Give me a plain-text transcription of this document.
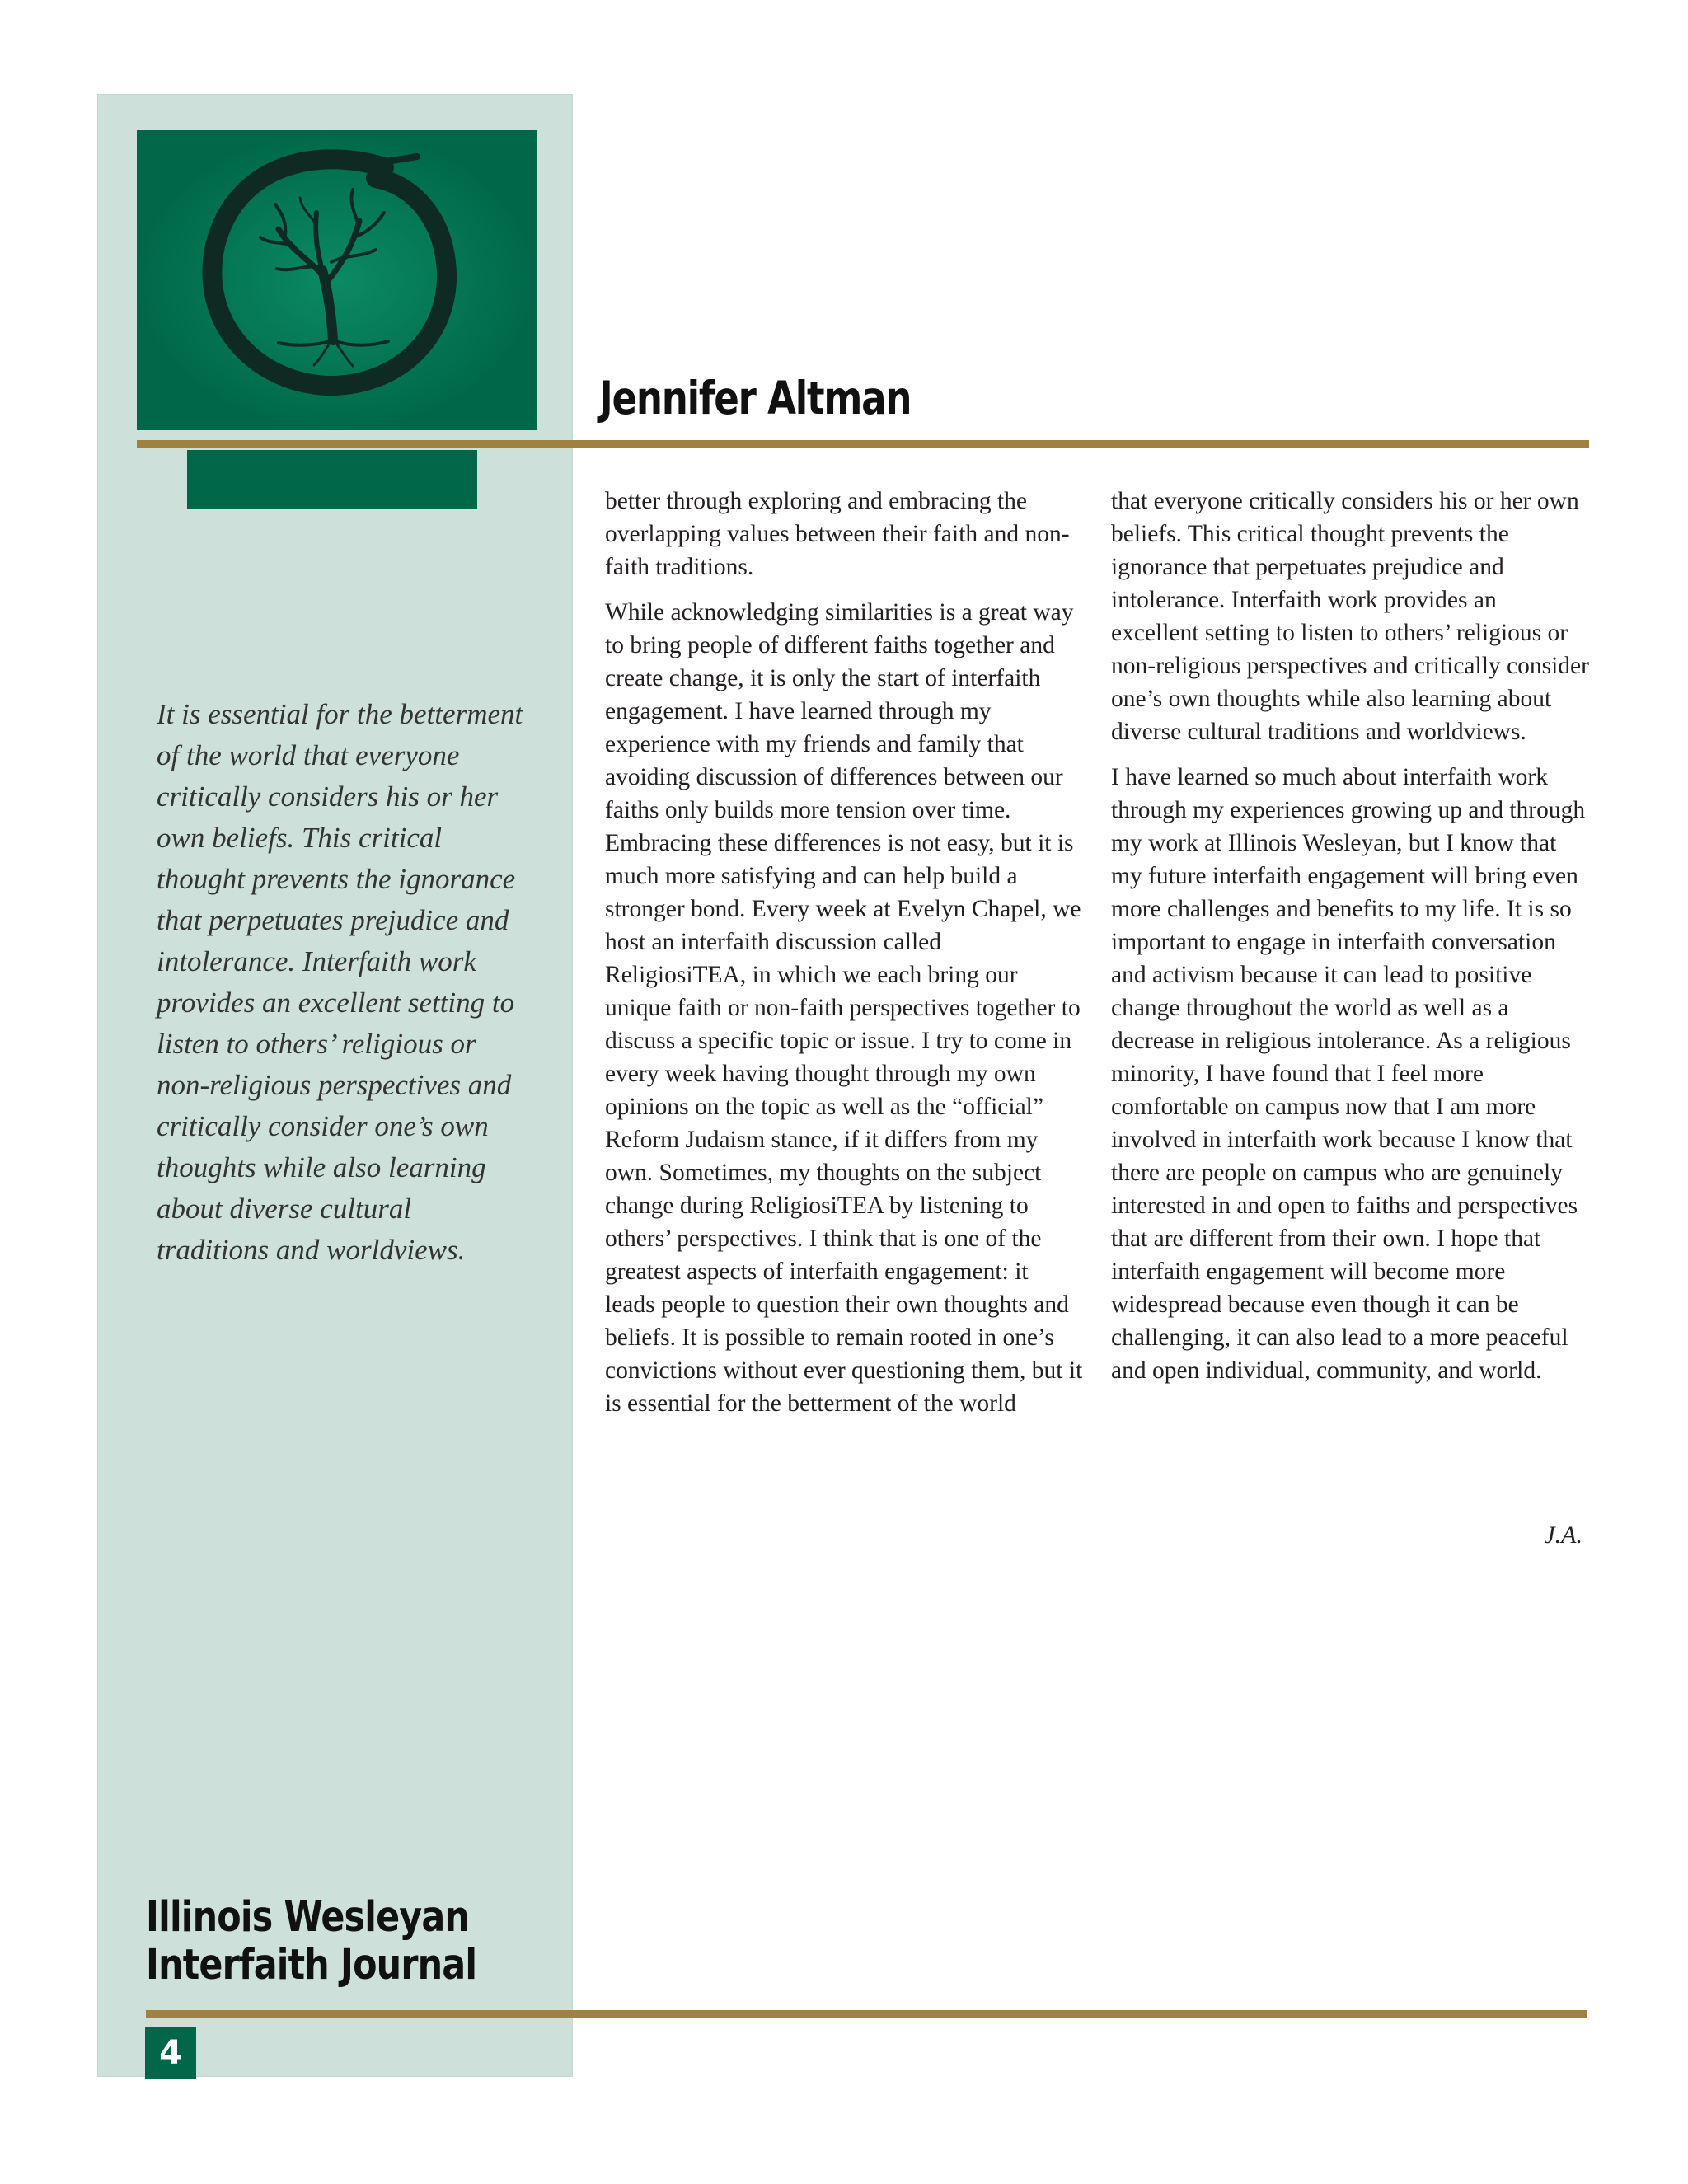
Jennifer Altman

It is essential for the betterment of the world that everyone critically considers his or her own beliefs. This critical thought prevents the ignorance that perpetuates prejudice and intolerance. Interfaith work provides an excellent setting to listen to others’ religious or non-religious perspectives and critically consider one’s own thoughts while also learning about diverse cultural traditions and worldviews.

better through exploring and embracing the overlapping values between their faith and non-faith traditions.

While acknowledging similarities is a great way to bring people of different faiths together and create change, it is only the start of interfaith engagement. I have learned through my experience with my friends and family that avoiding discussion of differences between our faiths only builds more tension over time. Embracing these differences is not easy, but it is much more satisfying and can help build a stronger bond. Every week at Evelyn Chapel, we host an interfaith discussion called ReligiosiTEA, in which we each bring our unique faith or non-faith perspectives together to discuss a specific topic or issue. I try to come in every week having thought through my own opinions on the topic as well as the “official” Reform Judaism stance, if it differs from my own. Sometimes, my thoughts on the subject change during ReligiosiTEA by listening to others’ perspectives. I think that is one of the greatest aspects of interfaith engagement: it leads people to question their own thoughts and beliefs. It is possible to remain rooted in one’s convictions without ever questioning them, but it is essential for the betterment of the world

that everyone critically considers his or her own beliefs. This critical thought prevents the ignorance that perpetuates prejudice and intolerance. Interfaith work provides an excellent setting to listen to others’ religious or non-religious perspectives and critically consider one’s own thoughts while also learning about diverse cultural traditions and worldviews.

I have learned so much about interfaith work through my experiences growing up and through my work at Illinois Wesleyan, but I know that my future interfaith engagement will bring even more challenges and benefits to my life. It is so important to engage in interfaith conversation and activism because it can lead to positive change throughout the world as well as a decrease in religious intolerance. As a religious minority, I have found that I feel more comfortable on campus now that I am more involved in interfaith work because I know that there are people on campus who are genuinely interested in and open to faiths and perspectives that are different from their own. I hope that interfaith engagement will become more widespread because even though it can be challenging, it can also lead to a more peaceful and open individual, community, and world.

J.A.

Illinois Wesleyan
Interfaith Journal
4
